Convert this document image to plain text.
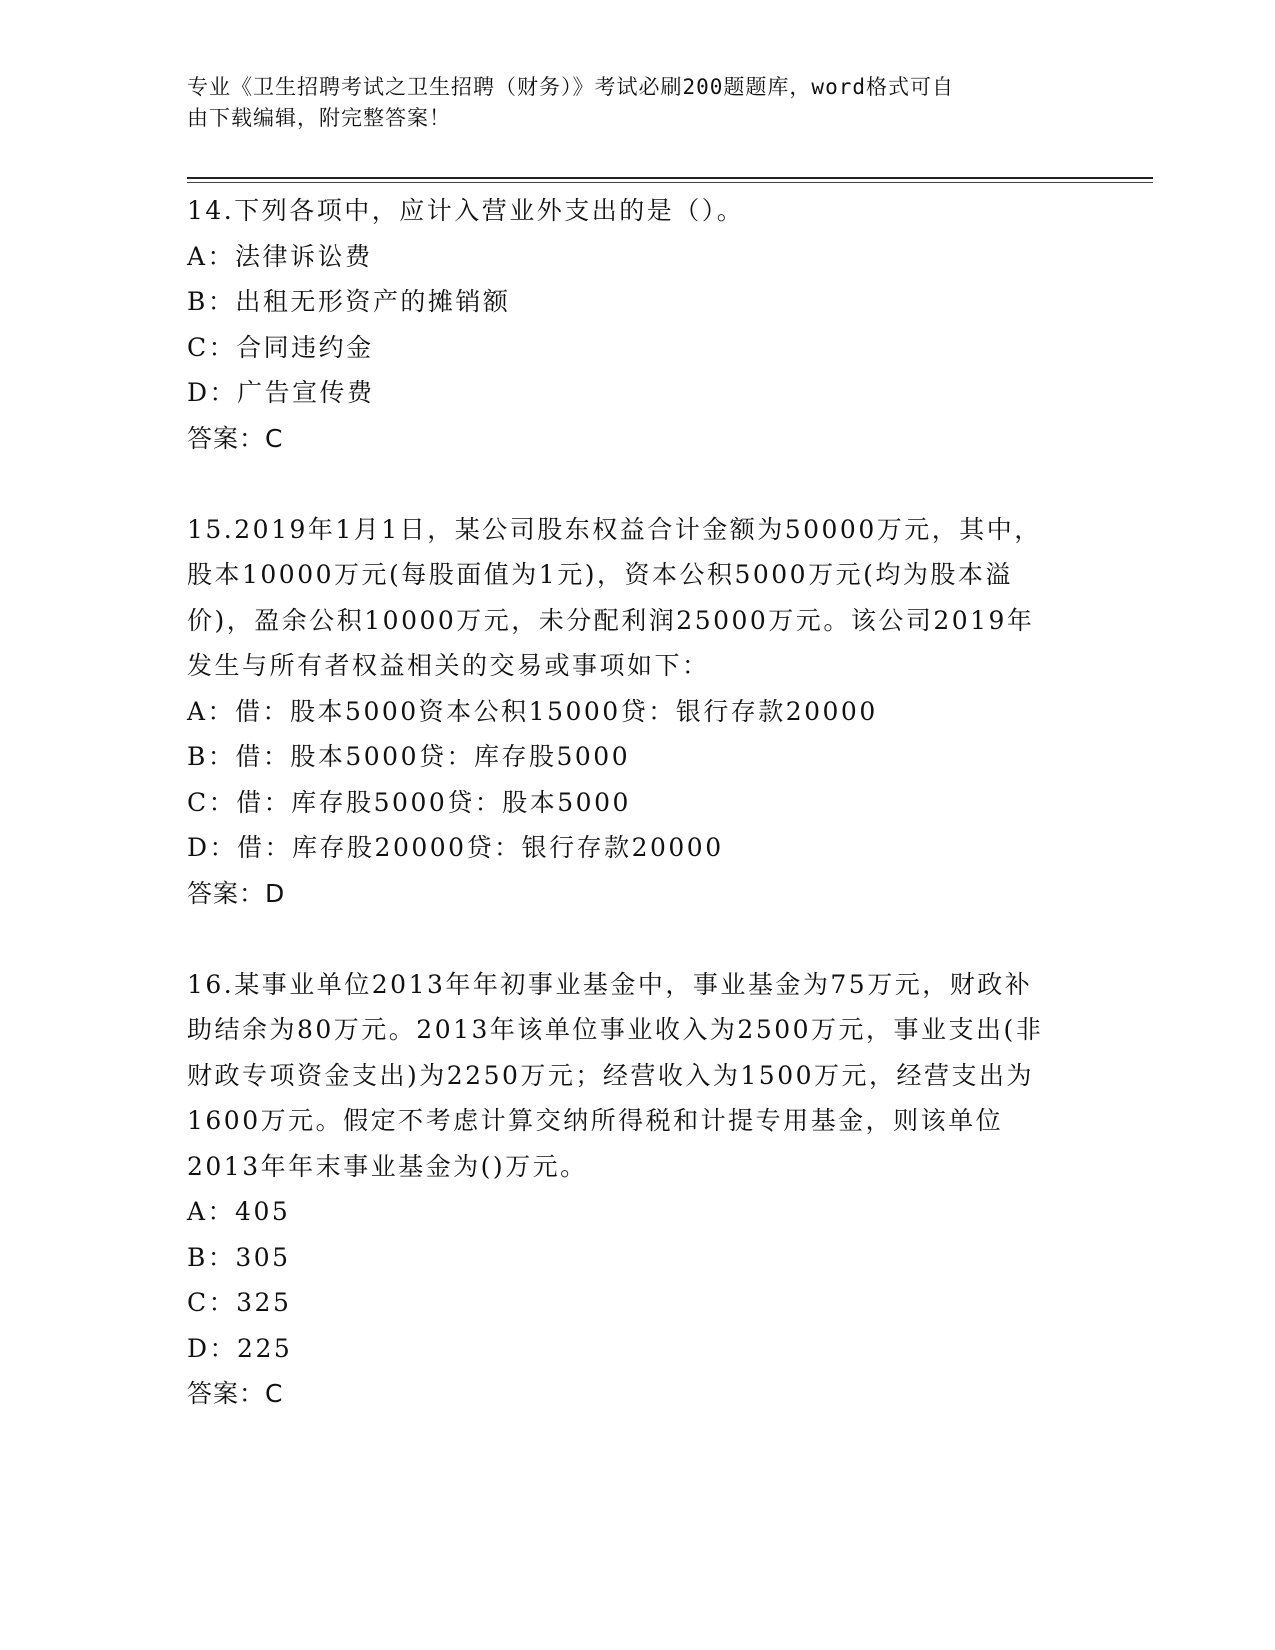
专业《卫生招聘考试之卫生招聘（财务）》考试必刷200题题库，word格式可自
由下载编辑，附完整答案！
14.下列各项中，应计入营业外支出的是（）。
A：法律诉讼费
B：出租无形资产的摊销额
C：合同违约金
D：广告宣传费
答案：C
15.2019年1月1日，某公司股东权益合计金额为50000万元，其中，
股本10000万元(每股面值为1元)，资本公积5000万元(均为股本溢
价)，盈余公积10000万元，未分配利润25000万元。该公司2019年
发生与所有者权益相关的交易或事项如下：
A：借：股本5000资本公积15000贷：银行存款20000
B：借：股本5000贷：库存股5000
C：借：库存股5000贷：股本5000
D：借：库存股20000贷：银行存款20000
答案：D
16.某事业单位2013年年初事业基金中，事业基金为75万元，财政补
助结余为80万元。2013年该单位事业收入为2500万元，事业支出(非
财政专项资金支出)为2250万元；经营收入为1500万元，经营支出为
1600万元。假定不考虑计算交纳所得税和计提专用基金，则该单位
2013年年末事业基金为()万元。
A：405
B：305
C：325
D：225
答案：C
